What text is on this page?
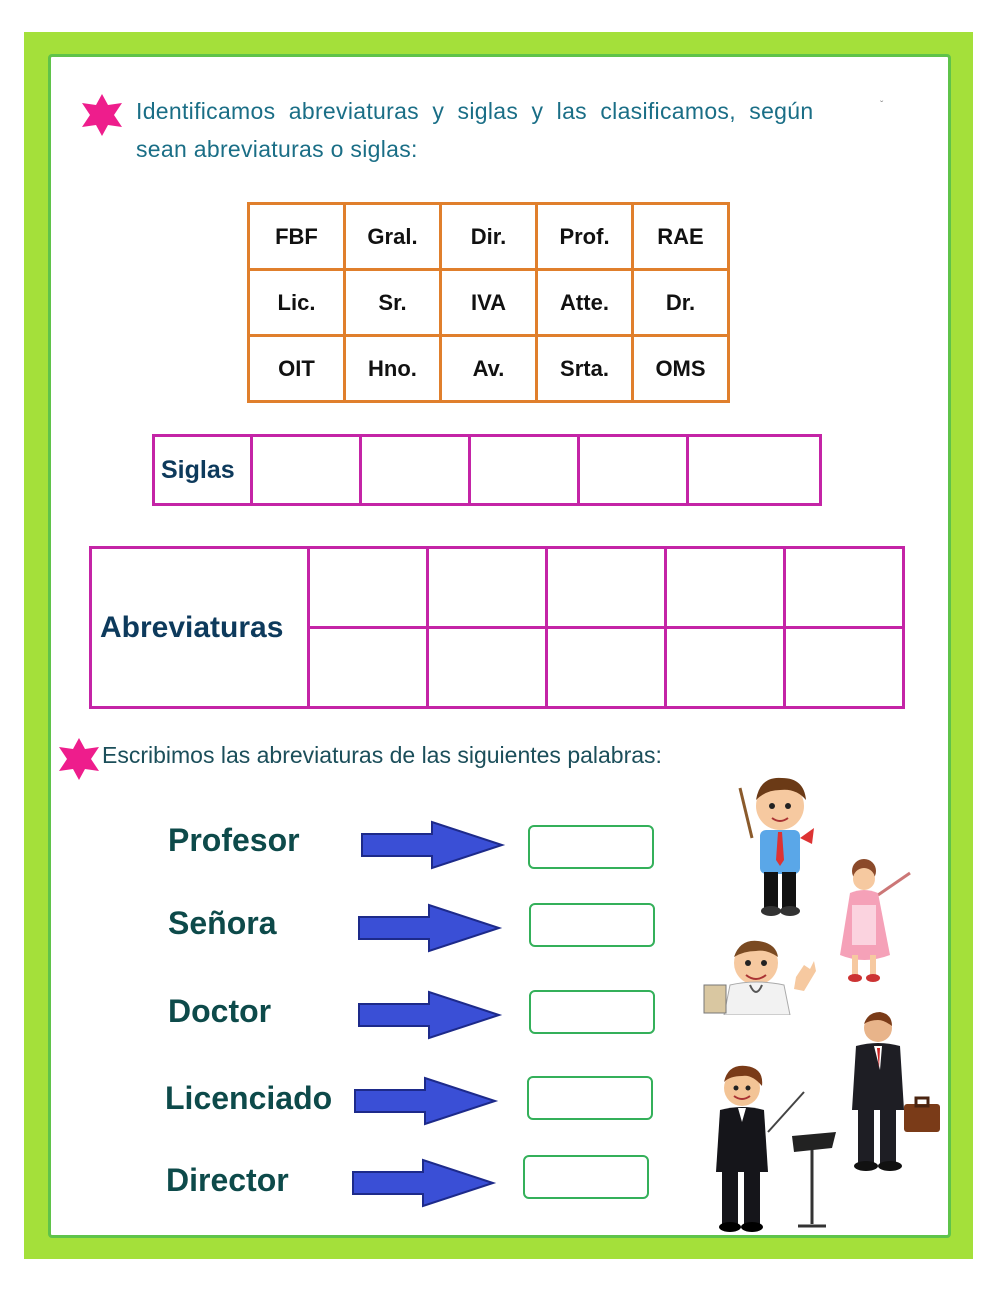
Identificamos  abreviaturas  y  siglas  y  las  clasificamos,  según
sean abreviaturas o siglas:
ˇ
FBF	Gral.	Dir.	Prof.	RAE
Lic.	Sr.	IVA	Atte.	Dr.
OIT	Hno.	Av.	Srta.	OMS
Siglas					
Abreviaturas					

Escribimos las abreviaturas de las siguientes palabras:
Profesor
Señora
Doctor
Licenciado
Director
